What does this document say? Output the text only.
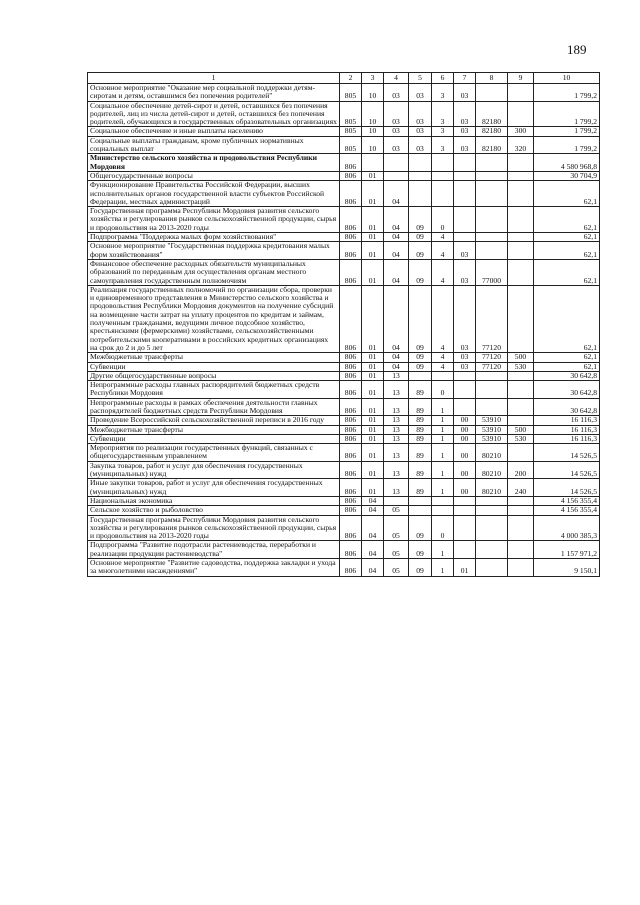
189
1	2	3	4	5	6	7	8	9	10
Основное мероприятие "Оказание мер социальной поддержки детям-сиротам и детям, оставшимся без попечения родителей"	805	10	03	03	3	03			1 799,2
Социальное обеспечение детей-сирот и детей, оставшихся без попечения родителей, лиц из числа детей-сирот и детей, оставшихся без попечения родителей, обучающихся в государственных образовательных организациях	805	10	03	03	3	03	82180		1 799,2
Социальное обеспечение и иные выплаты населению	805	10	03	03	3	03	82180	300	1 799,2
Социальные выплаты гражданам, кроме публичных нормативных социальных выплат	805	10	03	03	3	03	82180	320	1 799,2
Министерство сельского хозяйства и продовольствия Республики Мордовия	806								4 580 968,8
Общегосударственные вопросы	806	01							30 704,9
Функционирование Правительства Российской Федерации, высших исполнительных органов государственной власти субъектов Российской Федерации, местных администраций	806	01	04						62,1
Государственная программа Республики Мордовия развития сельского хозяйства и регулирования рынков сельскохозяйственной продукции, сырья и продовольствия на 2013-2020 годы	806	01	04	09	0				62,1
Подпрограмма "Поддержка малых форм хозяйствования"	806	01	04	09	4				62,1
Основное мероприятие "Государственная поддержка кредитования малых форм хозяйствования"	806	01	04	09	4	03			62,1
Финансовое обеспечение расходных обязательств муниципальных образований по переданным для осуществления органам местного самоуправления государственным полномочиям	806	01	04	09	4	03	77000		62,1
Реализация государственных полномочий по организации сбора, проверки и единовременного представления в Министерство сельского хозяйства и продовольствия Республики Мордовия документов на получение субсидий на возмещение части затрат на уплату процентов по кредитам и займам, полученным гражданами, ведущими личное подсобное хозяйство, крестьянскими (фермерскими) хозяйствами, сельскохозяйственными потребительскими кооперативами в российских кредитных организациях на срок до 2 и до 5 лет	806	01	04	09	4	03	77120		62,1
Межбюджетные трансферты	806	01	04	09	4	03	77120	500	62,1
Субвенции	806	01	04	09	4	03	77120	530	62,1
Другие общегосударственные вопросы	806	01	13						30 642,8
Непрограммные расходы главных распорядителей бюджетных средств Республики Мордовия	806	01	13	89	0				30 642,8
Непрограммные расходы в рамках обеспечения деятельности главных распорядителей бюджетных средств Республики Мордовия	806	01	13	89	1				30 642,8
Проведение Всероссийской сельскохозяйственной переписи в 2016 году	806	01	13	89	1	00	53910		16 116,3
Межбюджетные трансферты	806	01	13	89	1	00	53910	500	16 116,3
Субвенции	806	01	13	89	1	00	53910	530	16 116,3
Мероприятия по реализации государственных функций, связанных с общегосударственным управлением	806	01	13	89	1	00	80210		14 526,5
Закупка товаров, работ и услуг для обеспечения государственных (муниципальных) нужд	806	01	13	89	1	00	80210	200	14 526,5
Иные закупки товаров, работ и услуг для обеспечения государственных (муниципальных) нужд	806	01	13	89	1	00	80210	240	14 526,5
Национальная экономика	806	04							4 156 355,4
Сельское хозяйство и рыболовство	806	04	05						4 156 355,4
Государственная программа Республики Мордовия развития сельского хозяйства и регулирования рынков сельскохозяйственной продукции, сырья и продовольствия на 2013-2020 годы	806	04	05	09	0				4 000 385,3
Подпрограмма "Развитие подотрасли растениеводства, переработки и реализации продукции растениеводства"	806	04	05	09	1				1 157 971,2
Основное мероприятие "Развитие садоводства, поддержка закладки и ухода за многолетними насаждениями"	806	04	05	09	1	01			9 150,1
